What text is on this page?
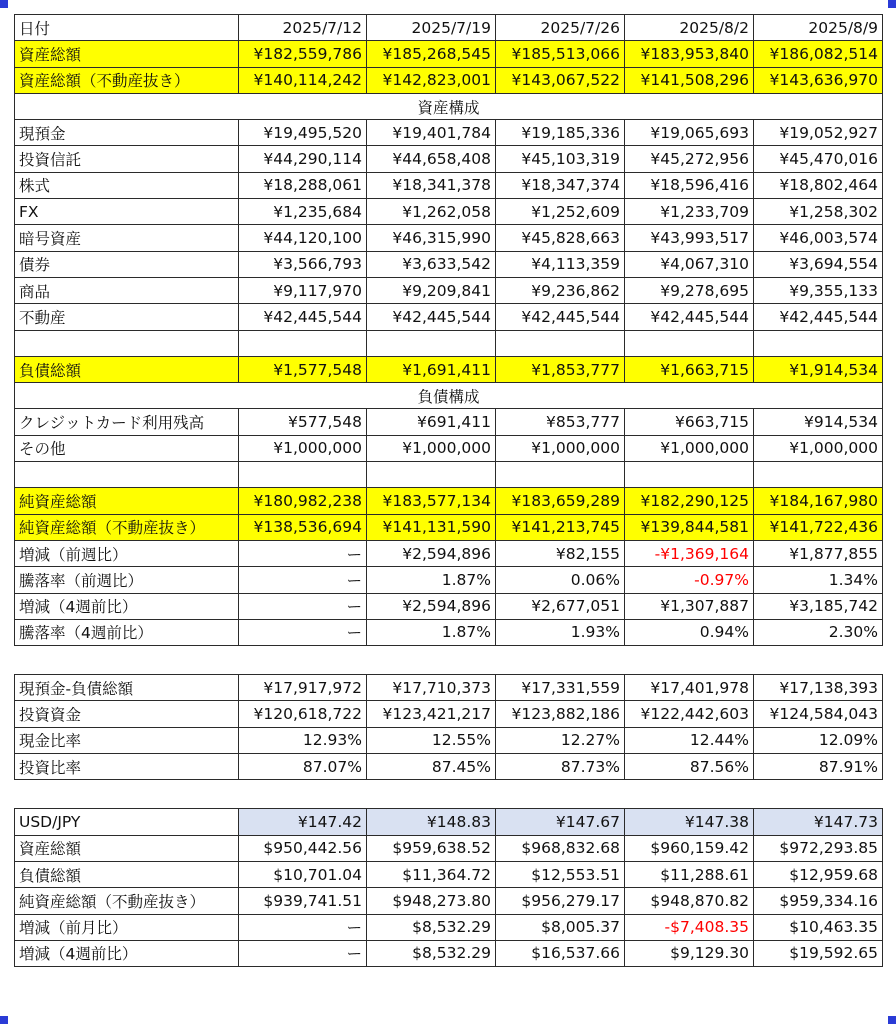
日付	2025/7/12	2025/7/19	2025/7/26	2025/8/2	2025/8/9
資産総額	¥182,559,786	¥185,268,545	¥185,513,066	¥183,953,840	¥186,082,514
資産総額（不動産抜き）	¥140,114,242	¥142,823,001	¥143,067,522	¥141,508,296	¥143,636,970
資産構成					
現預金	¥19,495,520	¥19,401,784	¥19,185,336	¥19,065,693	¥19,052,927
投資信託	¥44,290,114	¥44,658,408	¥45,103,319	¥45,272,956	¥45,470,016
株式	¥18,288,061	¥18,341,378	¥18,347,374	¥18,596,416	¥18,802,464
FX	¥1,235,684	¥1,262,058	¥1,252,609	¥1,233,709	¥1,258,302
暗号資産	¥44,120,100	¥46,315,990	¥45,828,663	¥43,993,517	¥46,003,574
債券	¥3,566,793	¥3,633,542	¥4,113,359	¥4,067,310	¥3,694,554
商品	¥9,117,970	¥9,209,841	¥9,236,862	¥9,278,695	¥9,355,133
不動産	¥42,445,544	¥42,445,544	¥42,445,544	¥42,445,544	¥42,445,544

負債総額	¥1,577,548	¥1,691,411	¥1,853,777	¥1,663,715	¥1,914,534
負債構成					
クレジットカード利用残高	¥577,548	¥691,411	¥853,777	¥663,715	¥914,534
その他	¥1,000,000	¥1,000,000	¥1,000,000	¥1,000,000	¥1,000,000

純資産総額	¥180,982,238	¥183,577,134	¥183,659,289	¥182,290,125	¥184,167,980
純資産総額（不動産抜き）	¥138,536,694	¥141,131,590	¥141,213,745	¥139,844,581	¥141,722,436
増減（前週比）	ー	¥2,594,896	¥82,155	-¥1,369,164	¥1,877,855
騰落率（前週比）	ー	1.87%	0.06%	-0.97%	1.34%
増減（4週前比）	ー	¥2,594,896	¥2,677,051	¥1,307,887	¥3,185,742
騰落率（4週前比）	ー	1.87%	1.93%	0.94%	2.30%
現預金-負債総額	¥17,917,972	¥17,710,373	¥17,331,559	¥17,401,978	¥17,138,393
投資資金	¥120,618,722	¥123,421,217	¥123,882,186	¥122,442,603	¥124,584,043
現金比率	12.93%	12.55%	12.27%	12.44%	12.09%
投資比率	87.07%	87.45%	87.73%	87.56%	87.91%
USD/JPY	¥147.42	¥148.83	¥147.67	¥147.38	¥147.73
資産総額	$950,442.56	$959,638.52	$968,832.68	$960,159.42	$972,293.85
負債総額	$10,701.04	$11,364.72	$12,553.51	$11,288.61	$12,959.68
純資産総額（不動産抜き）	$939,741.51	$948,273.80	$956,279.17	$948,870.82	$959,334.16
増減（前月比）	ー	$8,532.29	$8,005.37	-$7,408.35	$10,463.35
増減（4週前比）	ー	$8,532.29	$16,537.66	$9,129.30	$19,592.65
